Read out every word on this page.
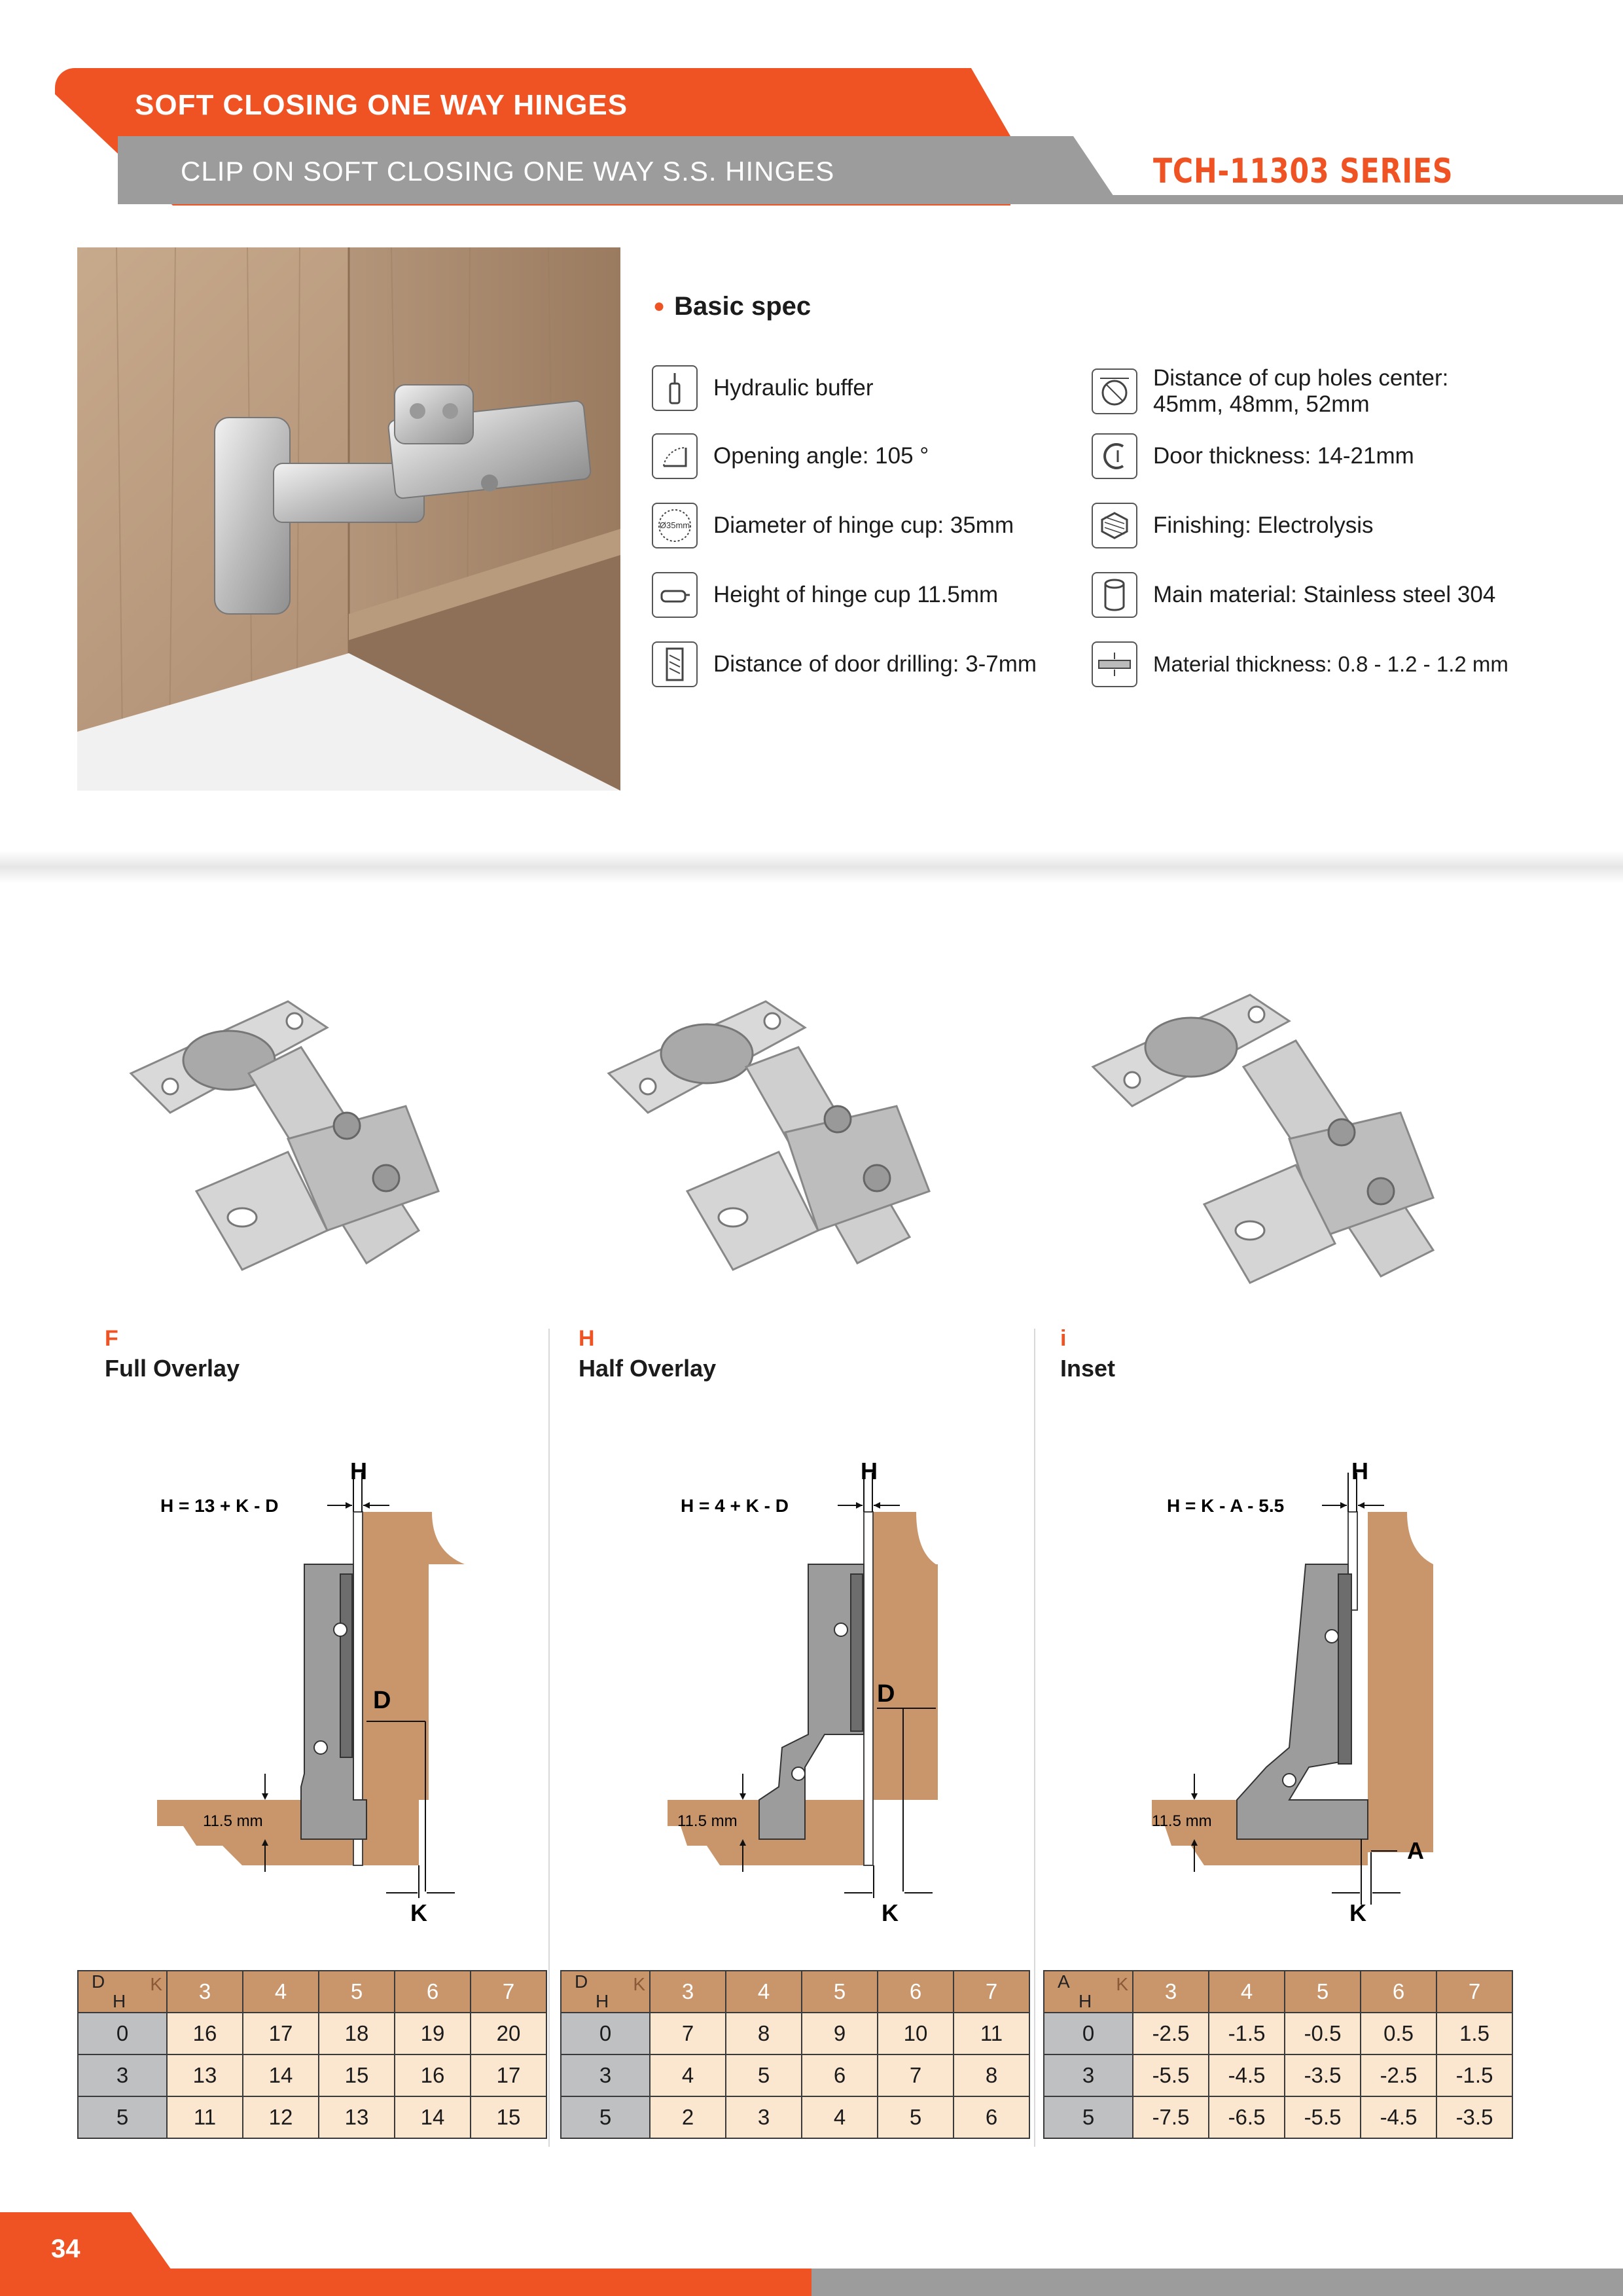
SOFT CLOSING ONE WAY HINGES
CLIP ON SOFT CLOSING ONE WAY S.S. HINGES	TCH-11303 SERIES
● Basic spec
Hydraulic buffer
Opening angle: 105 °
Ø35mm Diameter of hinge cup: 35mm
Height of hinge cup 11.5mm
Distance of door drilling: 3-7mm
Distance of cup holes center:
45mm, 48mm, 52mm
Door thickness: 14-21mm
Finishing: Electrolysis
Main material: Stainless steel 304
Material thickness: 0.8 - 1.2 - 1.2 mm
F
Full Overlay
H
Half Overlay
i
Inset
D
H
K
11.5 mm
H = 13 + K - D
D
H
K
11.5 mm
H = 4 + K - D
A
H
K
11.5 mm
H = K - A - 5.5
D
H
K	3	4	5	6	7
0	16	17	18	19	20
3	13	14	15	16	17
5	11	12	13	14	15
D
H
K	3	4	5	6	7
0	7	8	9	10	11
3	4	5	6	7	8
5	2	3	4	5	6
A
H
K	3	4	5	6	7
0	-2.5	-1.5	-0.5	0.5	1.5
3	-5.5	-4.5	-3.5	-2.5	-1.5
5	-7.5	-6.5	-5.5	-4.5	-3.5
34
